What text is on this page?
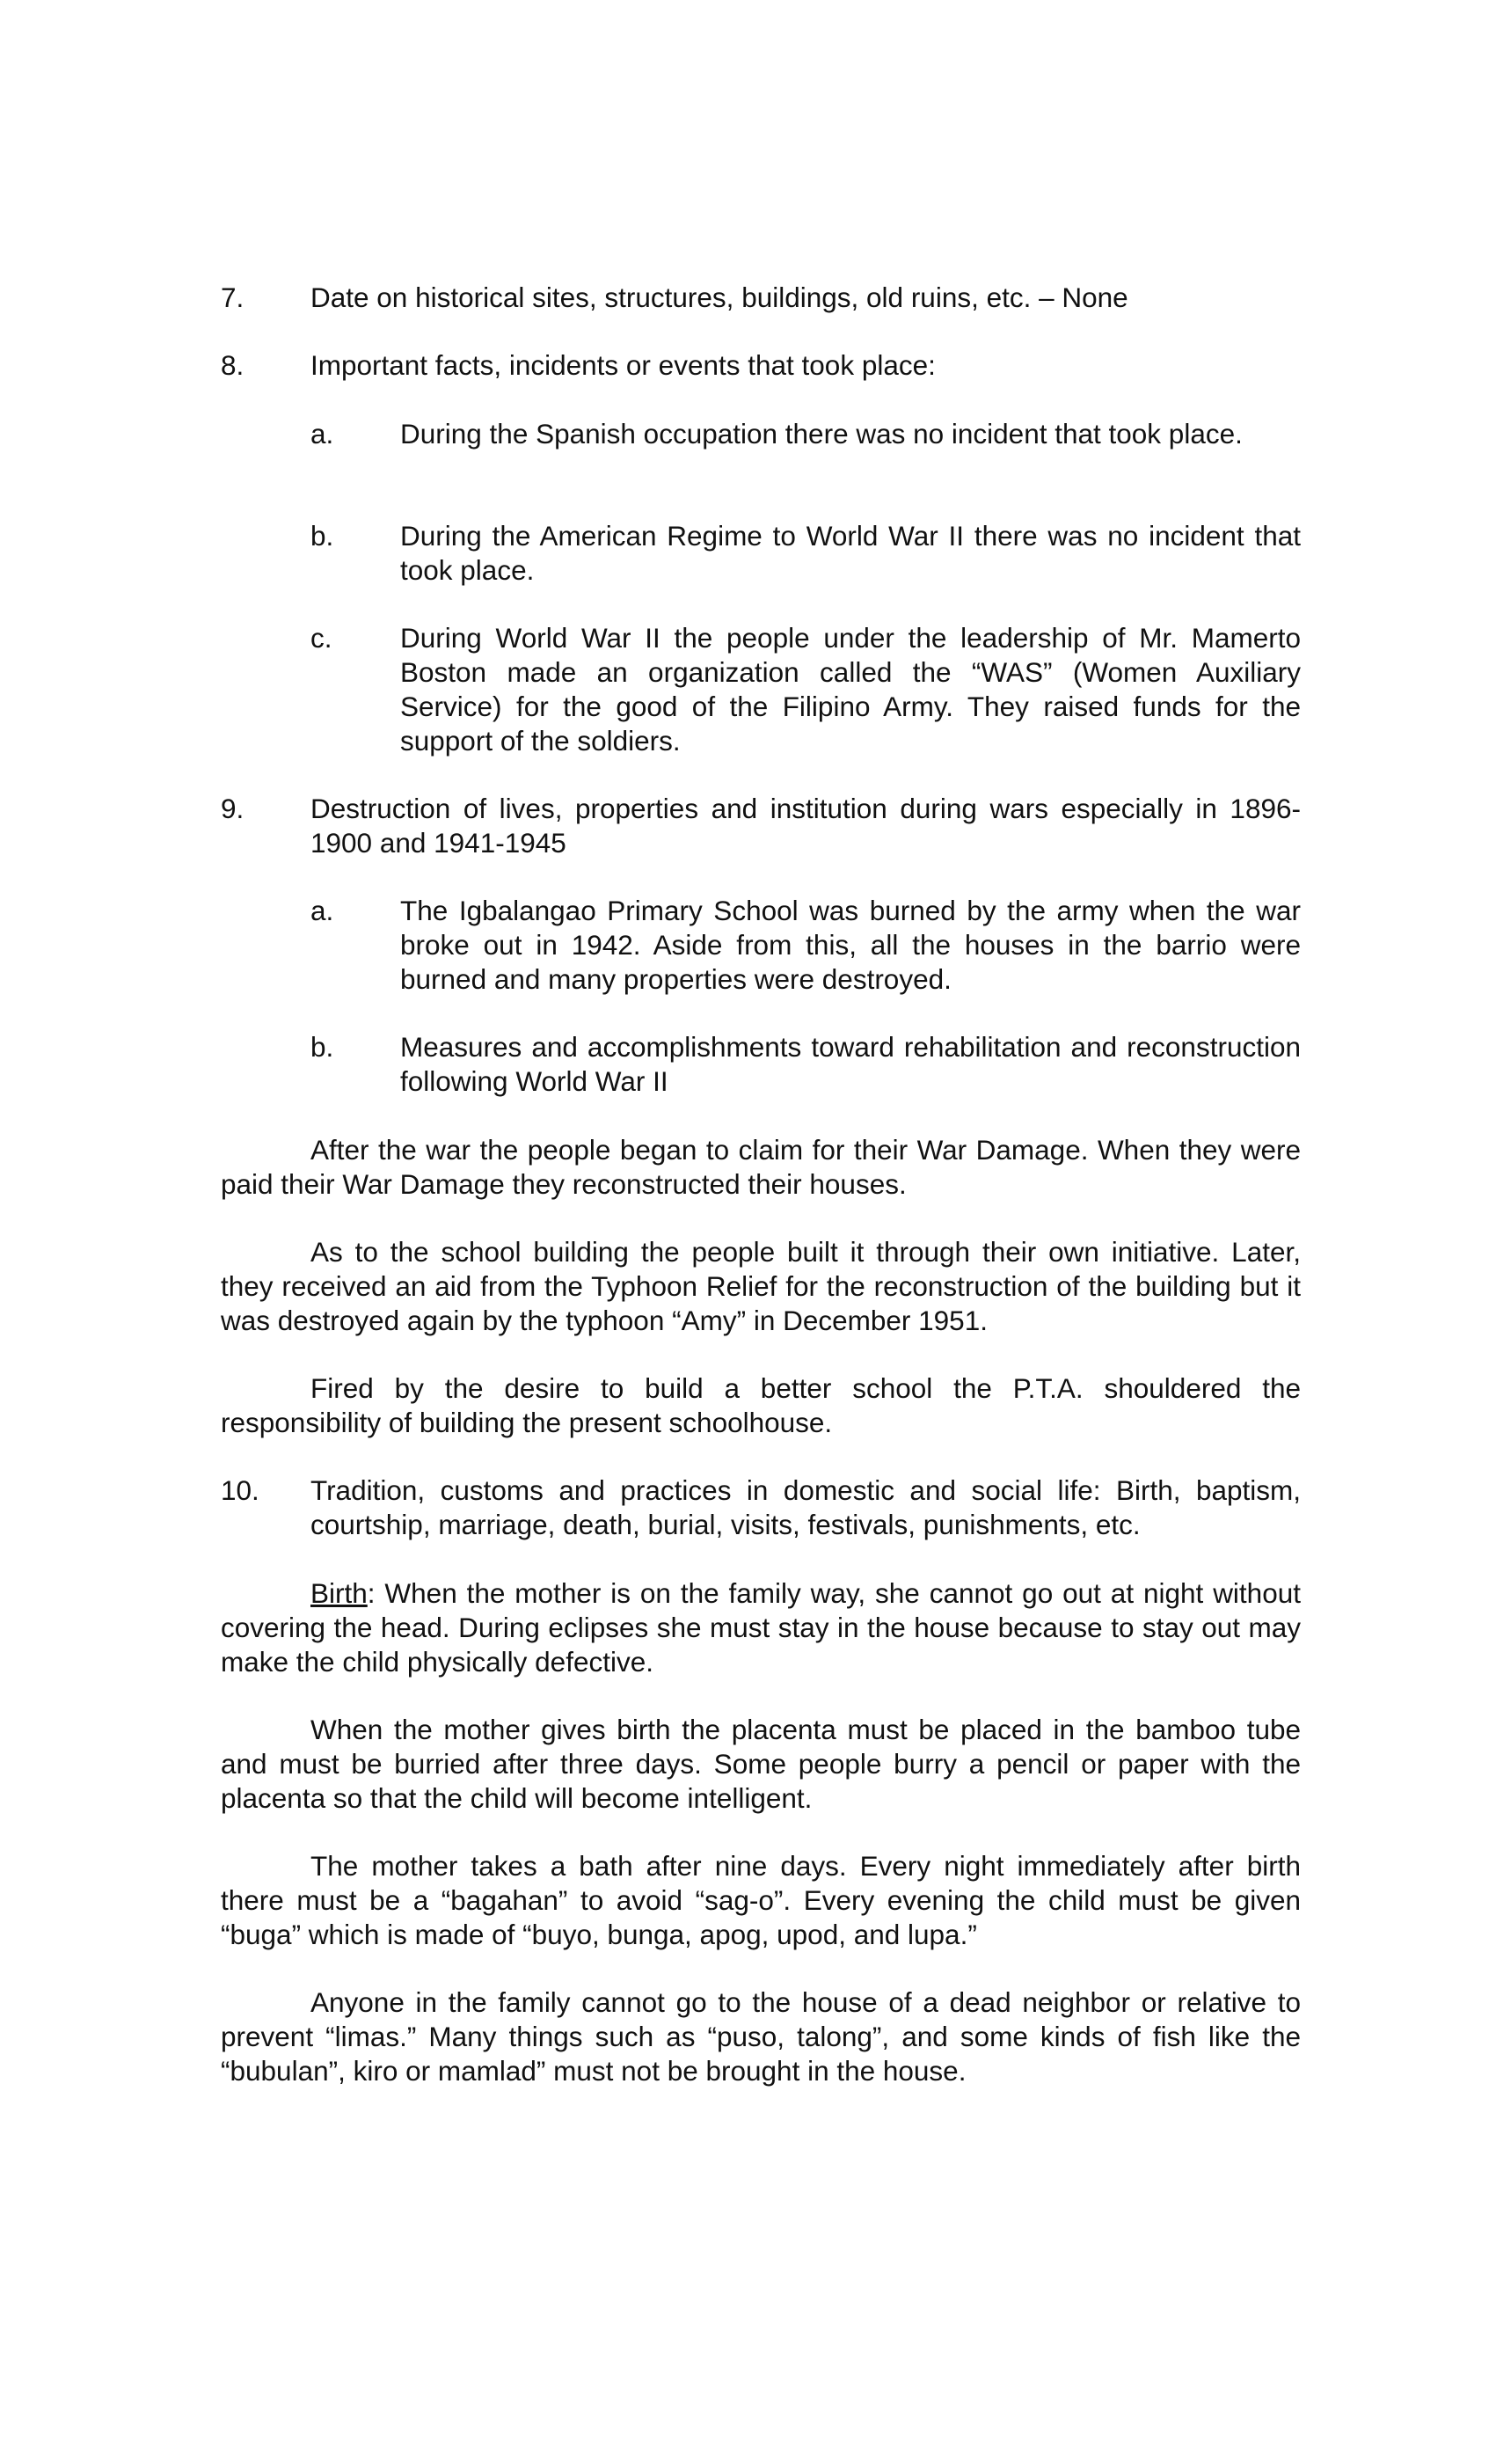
7. Date on historical sites, structures, buildings, old ruins, etc. – None

8. Important facts, incidents or events that took place:

a. During the Spanish occupation there was no incident that took place.

b. During the American Regime to World War II there was no incident that took place.

c. During World War II the people under the leadership of Mr. Mamerto Boston made an organization called the “WAS” (Women Auxiliary Service) for the good of the Filipino Army. They raised funds for the support of the soldiers.

9. Destruction of lives, properties and institution during wars especially in 1896-1900 and 1941-1945

a. The Igbalangao Primary School was burned by the army when the war broke out in 1942. Aside from this, all the houses in the barrio were burned and many properties were destroyed.

b. Measures and accomplishments toward rehabilitation and reconstruction following World War II

After the war the people began to claim for their War Damage. When they were paid their War Damage they reconstructed their houses.

As to the school building the people built it through their own initiative. Later, they received an aid from the Typhoon Relief for the reconstruction of the building but it was destroyed again by the typhoon “Amy” in December 1951.

Fired by the desire to build a better school the P.T.A. shouldered the responsibility of building the present schoolhouse.

10. Tradition, customs and practices in domestic and social life: Birth, baptism, courtship, marriage, death, burial, visits, festivals, punishments, etc.

Birth: When the mother is on the family way, she cannot go out at night without covering the head. During eclipses she must stay in the house because to stay out may make the child physically defective.

When the mother gives birth the placenta must be placed in the bamboo tube and must be burried after three days. Some people burry a pencil or paper with the placenta so that the child will become intelligent.

The mother takes a bath after nine days. Every night immediately after birth there must be a “bagahan” to avoid “sag-o”. Every evening the child must be given “buga” which is made of “buyo, bunga, apog, upod, and lupa.”

Anyone in the family cannot go to the house of a dead neighbor or relative to prevent “limas.” Many things such as “puso, talong”, and some kinds of fish like the “bubulan”, kiro or mamlad” must not be brought in the house.
